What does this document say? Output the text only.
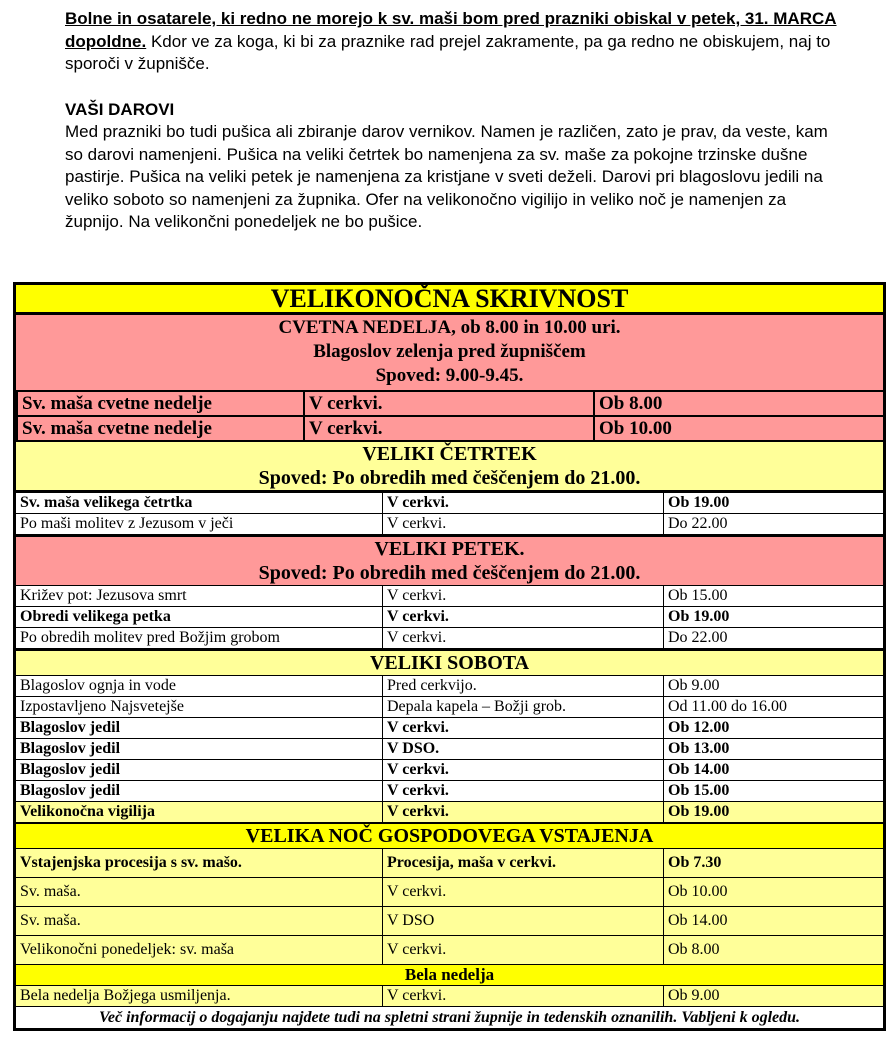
Bolne in osatarele, ki redno ne morejo k sv. maši bom pred prazniki obiskal v petek, 31. MARCA dopoldne. Kdor ve za koga, ki bi za praznike rad prejel zakramente, pa ga redno ne obiskujem, naj to sporoči v župnišče.

VAŠI DAROVI

Med prazniki bo tudi pušica ali zbiranje darov vernikov. Namen je različen, zato je prav, da veste, kam so darovi namenjeni. Pušica na veliki četrtek bo namenjena za sv. maše za pokojne trzinske dušne pastirje. Pušica na veliki petek je namenjena za kristjane v sveti deželi. Darovi pri blagoslovu jedili na veliko soboto so namenjeni za župnika. Ofer na velikonočno vigilijo in veliko noč je namenjen za župnijo. Na velikončni ponedeljek ne bo pušice.

VELIKONOČNA SKRIVNOST

CVETNA NEDELJA, ob 8.00 in 10.00 uri.
Blagoslov zelenja pred župniščem
Spoved: 9.00-9.45.

Sv. maša cvetne nedelje	V cerkvi.	Ob 8.00
Sv. maša cvetne nedelje	V cerkvi.	Ob 10.00

VELIKI ČETRTEK
Spoved: Po obredih med češčenjem do 21.00.

Sv. maša velikega četrtka	V cerkvi.	Ob 19.00
Po maši molitev z Jezusom v ječi	V cerkvi.	Do 22.00

VELIKI PETEK.
Spoved: Po obredih med češčenjem do 21.00.

Križev pot: Jezusova smrt	V cerkvi.	Ob 15.00
Obredi velikega petka	V cerkvi.	Ob 19.00
Po obredih molitev pred Božjim grobom	V cerkvi.	Do 22.00

VELIKI SOBOTA

Blagoslov ognja in vode	Pred cerkvijo.	Ob 9.00
Izpostavljeno Najsvetejše	Depala kapela – Božji grob.	Od 11.00 do 16.00
Blagoslov jedil	V cerkvi.	Ob 12.00
Blagoslov jedil	V DSO.	Ob 13.00
Blagoslov jedil	V cerkvi.	Ob 14.00
Blagoslov jedil	V cerkvi.	Ob 15.00
Velikonočna vigilija	V cerkvi.	Ob 19.00

VELIKA NOČ GOSPODOVEGA VSTAJENJA

Vstajenjska procesija s sv. mašo.	Procesija, maša v cerkvi.	Ob 7.30
Sv. maša.	V cerkvi.	Ob 10.00
Sv. maša.	V DSO	Ob 14.00
Velikonočni ponedeljek: sv. maša	V cerkvi.	Ob 8.00

Bela nedelja

Bela nedelja Božjega usmiljenja.	V cerkvi.	Ob 9.00
Več informacij o dogajanju najdete tudi na spletni strani župnije in tedenskih oznanilih. Vabljeni k ogledu.
